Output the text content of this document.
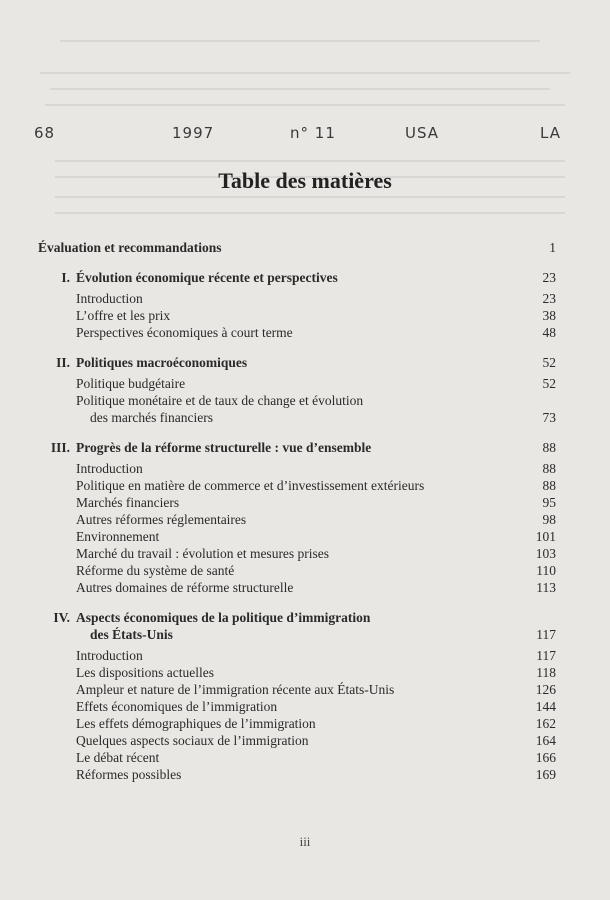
68	1997	n° 11	USA	LA
Table des matières
Évaluation et recommandations	1
I. Évolution économique récente et perspectives	23
Introduction	23
L’offre et les prix	38
Perspectives économiques à court terme	48
II. Politiques macroéconomiques	52
Politique budgétaire	52
Politique monétaire et de taux de change et évolution
des marchés financiers	73
III. Progrès de la réforme structurelle : vue d’ensemble	88
Introduction	88
Politique en matière de commerce et d’investissement extérieurs	88
Marchés financiers	95
Autres réformes réglementaires	98
Environnement	101
Marché du travail : évolution et mesures prises	103
Réforme du système de santé	110
Autres domaines de réforme structurelle	113
IV. Aspects économiques de la politique d’immigration
des États-Unis	117
Introduction	117
Les dispositions actuelles	118
Ampleur et nature de l’immigration récente aux États-Unis	126
Effets économiques de l’immigration	144
Les effets démographiques de l’immigration	162
Quelques aspects sociaux de l’immigration	164
Le débat récent	166
Réformes possibles	169
iii
